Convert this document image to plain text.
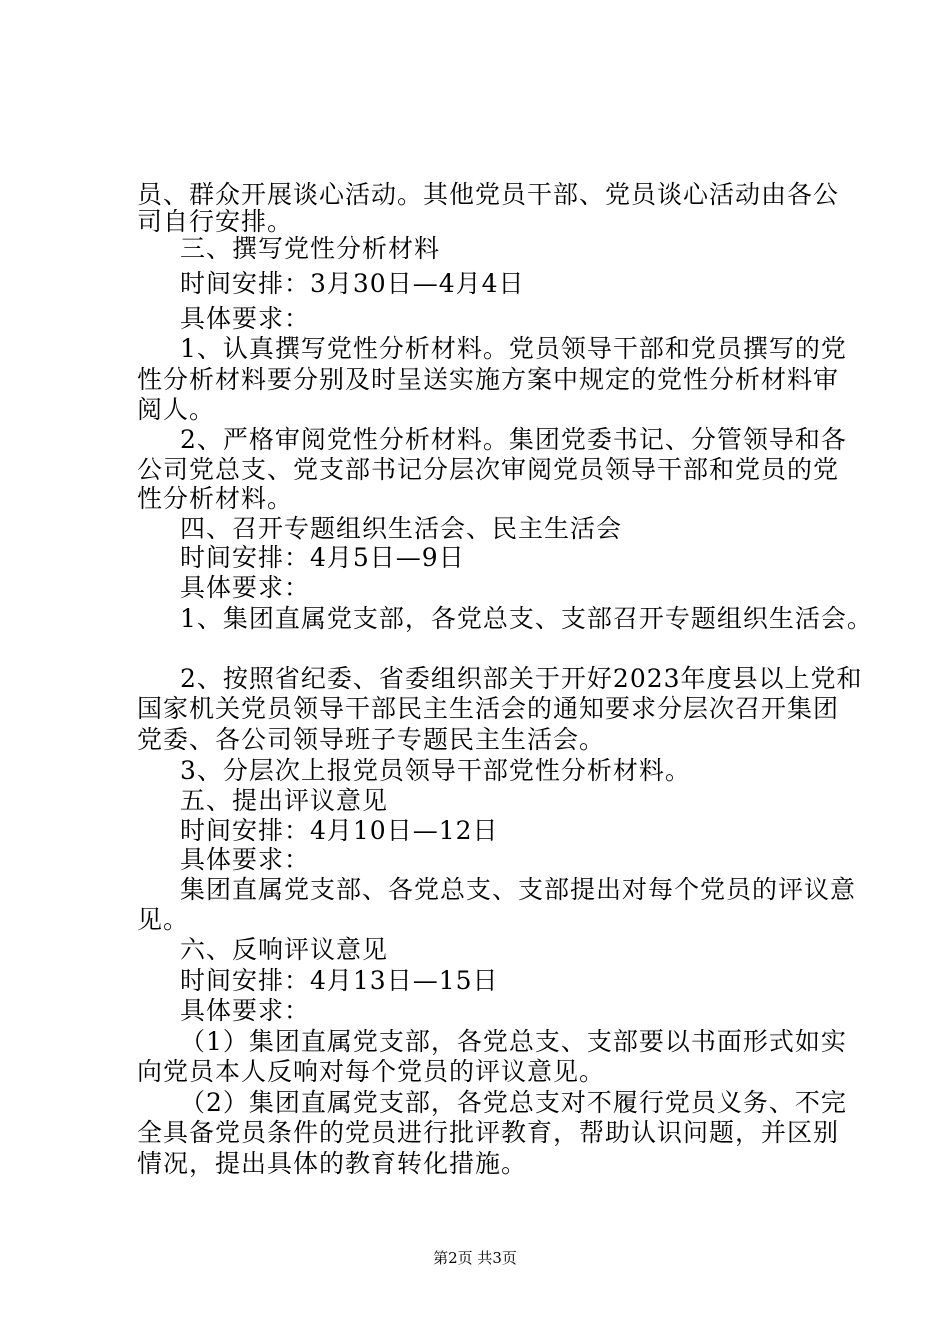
员、群众开展谈心活动。其他党员干部、党员谈心活动由各公
司自行安排。
三、撰写党性分析材料
时间安排：3月30日—4月4日
具体要求：
1、认真撰写党性分析材料。党员领导干部和党员撰写的党
性分析材料要分别及时呈送实施方案中规定的党性分析材料审
阅人。
2、严格审阅党性分析材料。集团党委书记、分管领导和各
公司党总支、党支部书记分层次审阅党员领导干部和党员的党
性分析材料。
四、召开专题组织生活会、民主生活会
时间安排：4月5日—9日
具体要求：
1、集团直属党支部，各党总支、支部召开专题组织生活会。
2、按照省纪委、省委组织部关于开好2023年度县以上党和
国家机关党员领导干部民主生活会的通知要求分层次召开集团
党委、各公司领导班子专题民主生活会。
3、分层次上报党员领导干部党性分析材料。
五、提出评议意见
时间安排：4月10日—12日
具体要求：
集团直属党支部、各党总支、支部提出对每个党员的评议意
见。
六、反响评议意见
时间安排：4月13日—15日
具体要求：
（1）集团直属党支部，各党总支、支部要以书面形式如实
向党员本人反响对每个党员的评议意见。
（2）集团直属党支部，各党总支对不履行党员义务、不完
全具备党员条件的党员进行批评教育，帮助认识问题，并区别
情况，提出具体的教育转化措施。
第2页 共3页
